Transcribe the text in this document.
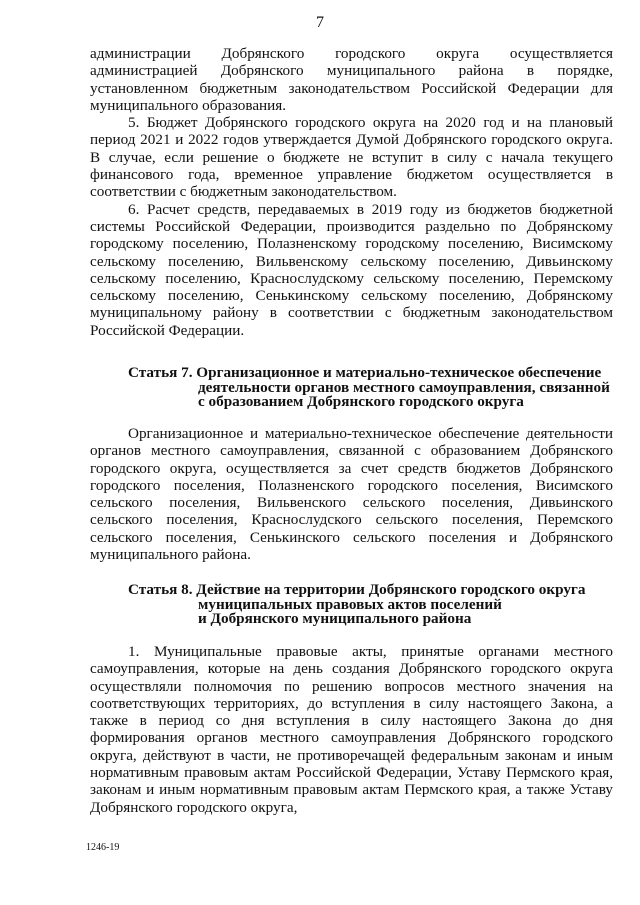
7

администрации Добрянского городского округа осуществляется администрацией Добрянского муниципального района в порядке, установленном бюджетным законодательством Российской Федерации для муниципального образования.

5. Бюджет Добрянского городского округа на 2020 год и на плановый период 2021 и 2022 годов утверждается Думой Добрянского городского округа. В случае, если решение о бюджете не вступит в силу с начала текущего финансового года, временное управление бюджетом осуществляется в соответствии с бюджетным законодательством.

6. Расчет средств, передаваемых в 2019 году из бюджетов бюджетной системы Российской Федерации, производится раздельно по Добрянскому городскому поселению, Полазненскому городскому поселению, Висимскому сельскому поселению, Вильвенскому сельскому поселению, Дивьинскому сельскому поселению, Краснослудскому сельскому поселению, Перемскому сельскому поселению, Сенькинскому сельскому поселению, Добрянскому муниципальному району в соответствии с бюджетным законодательством Российской Федерации.

Статья 7. Организационное и материально-техническое обеспечение
деятельности органов местного самоуправления, связанной
с образованием Добрянского городского округа

Организационное и материально-техническое обеспечение деятельности органов местного самоуправления, связанной с образованием Добрянского городского округа, осуществляется за счет средств бюджетов Добрянского городского поселения, Полазненского городского поселения, Висимского сельского поселения, Вильвенского сельского поселения, Дивьинского сельского поселения, Краснослудского сельского поселения, Перемского сельского поселения, Сенькинского сельского поселения и Добрянского муниципального района.

Статья 8. Действие на территории Добрянского городского округа
муниципальных правовых актов поселений
и Добрянского муниципального района

1. Муниципальные правовые акты, принятые органами местного самоуправления, которые на день создания Добрянского городского округа осуществляли полномочия по решению вопросов местного значения на соответствующих территориях, до вступления в силу настоящего Закона, а также в период со дня вступления в силу настоящего Закона до дня формирования органов местного самоуправления Добрянского городского округа, действуют в части, не противоречащей федеральным законам и иным нормативным правовым актам Российской Федерации, Уставу Пермского края, законам и иным нормативным правовым актам Пермского края, а также Уставу Добрянского городского округа,

1246-19
